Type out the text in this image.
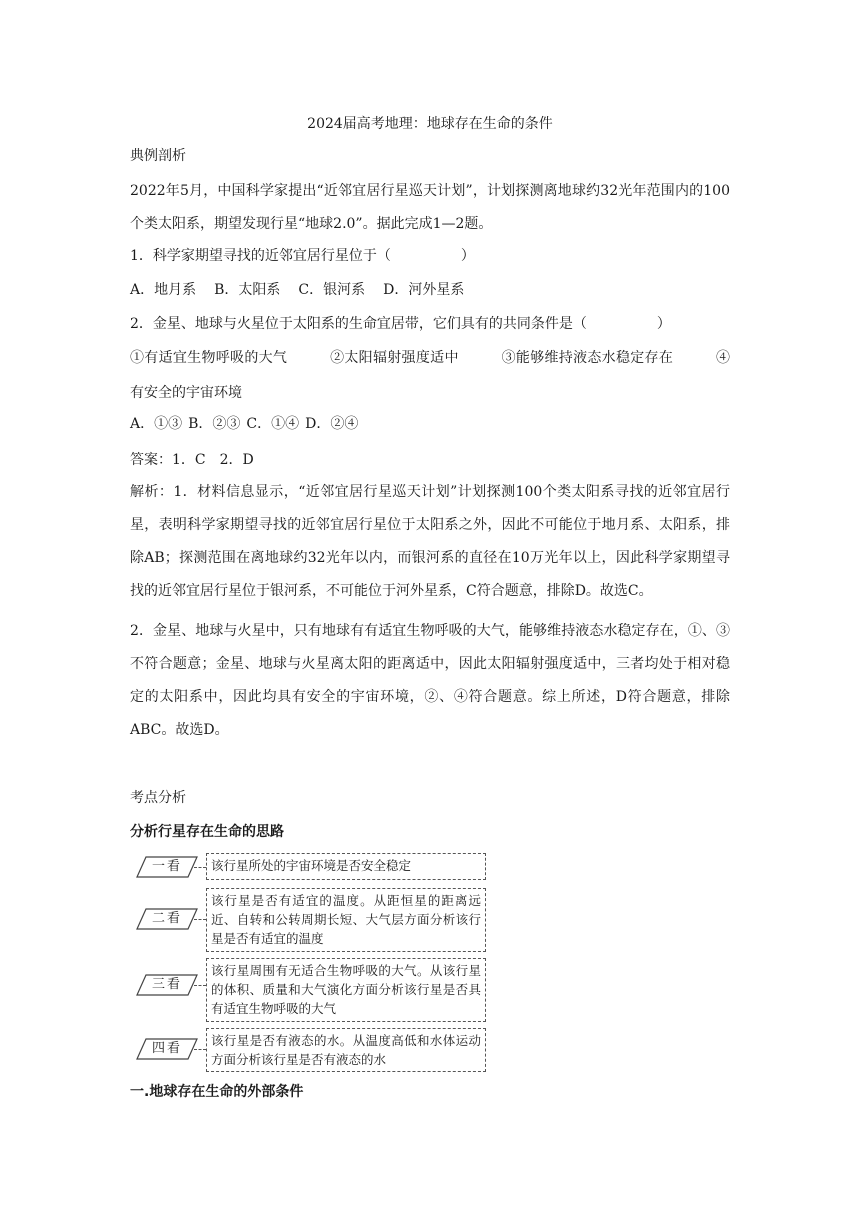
2024届高考地理：地球存在生命的条件
典例剖析
2022年5月，中国科学家提出“近邻宜居行星巡天计划”，计划探测离地球约32光年范围内的100个类太阳系，期望发现行星“地球2.0”。据此完成1—2题。
1．科学家期望寻找的近邻宜居行星位于（　　　　　）
A．地月系 B．太阳系 C．银河系 D．河外星系
2．金星、地球与火星位于太阳系的生命宜居带，它们具有的共同条件是（　　　　　）
①有适宜生物呼吸的大气　　　②太阳辐射强度适中　　　③能够维持液态水稳定存在　　　④有安全的宇宙环境
A．①③ B．②③ C．①④ D．②④
答案：1．C　2．D
解析：1．材料信息显示，“近邻宜居行星巡天计划”计划探测100个类太阳系寻找的近邻宜居行星，表明科学家期望寻找的近邻宜居行星位于太阳系之外，因此不可能位于地月系、太阳系，排除AB；探测范围在离地球约32光年以内，而银河系的直径在10万光年以上，因此科学家期望寻找的近邻宜居行星位于银河系，不可能位于河外星系，C符合题意，排除D。故选C。
2．金星、地球与火星中，只有地球有有适宜生物呼吸的大气，能够维持液态水稳定存在，①、③不符合题意；金星、地球与火星离太阳的距离适中，因此太阳辐射强度适中，三者均处于相对稳定的太阳系中，因此均具有安全的宇宙环境，②、④符合题意。综上所述，D符合题意，排除ABC。故选D。
考点分析
分析行星存在生命的思路
一.地球存在生命的外部条件
一看	该行星所处的宇宙环境是否安全稳定
二看
该行星是否有适宜的温度。从距恒星的距离远近、自转和公转周期长短、大气层方面分析该行星是否有适宜的温度
三看
该行星周围有无适合生物呼吸的大气。从该行星的体积、质量和大气演化方面分析该行星是否具有适宜生物呼吸的大气
四看
该行星是否有液态的水。从温度高低和水体运动方面分析该行星是否有液态的水
